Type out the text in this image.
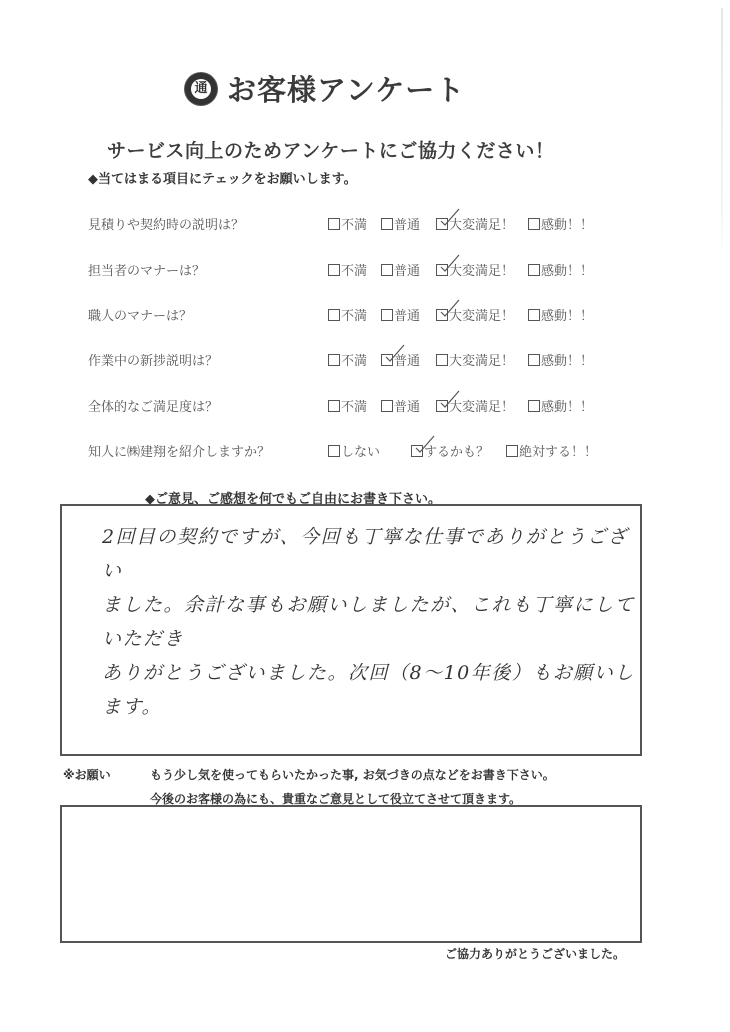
通 お客様アンケート
サービス向上のためアンケートにご協力ください！
◆当てはまる項目にテェックをお願いします。
見積りや契約時の説明は？	不満	普通	大変満足！	感動！！
担当者のマナーは？	不満	普通	大変満足！	感動！！
職人のマナーは？	不満	普通	大変満足！	感動！！
作業中の新捗説明は？	不満	普通	大変満足！	感動！！
全体的なご満足度は？	不満	普通	大変満足！	感動！！
知人に㈱建翔を紹介しますか？	しない	するかも？	絶対する！！
◆ご意見、ご感想を何でもご自由にお書き下さい。
2回目の契約ですが、今回も丁寧な仕事でありがとうござい
ました。余計な事もお願いしましたが、これも丁寧にしていただき
ありがとうございました。次回（8〜10年後）もお願いします。
※お願い	もう少し気を使ってもらいたかった事, お気づきの点などをお書き下さい。
今後のお客様の為にも、貴重なご意見として役立てさせて頂きます。
ご協力ありがとうございました。
